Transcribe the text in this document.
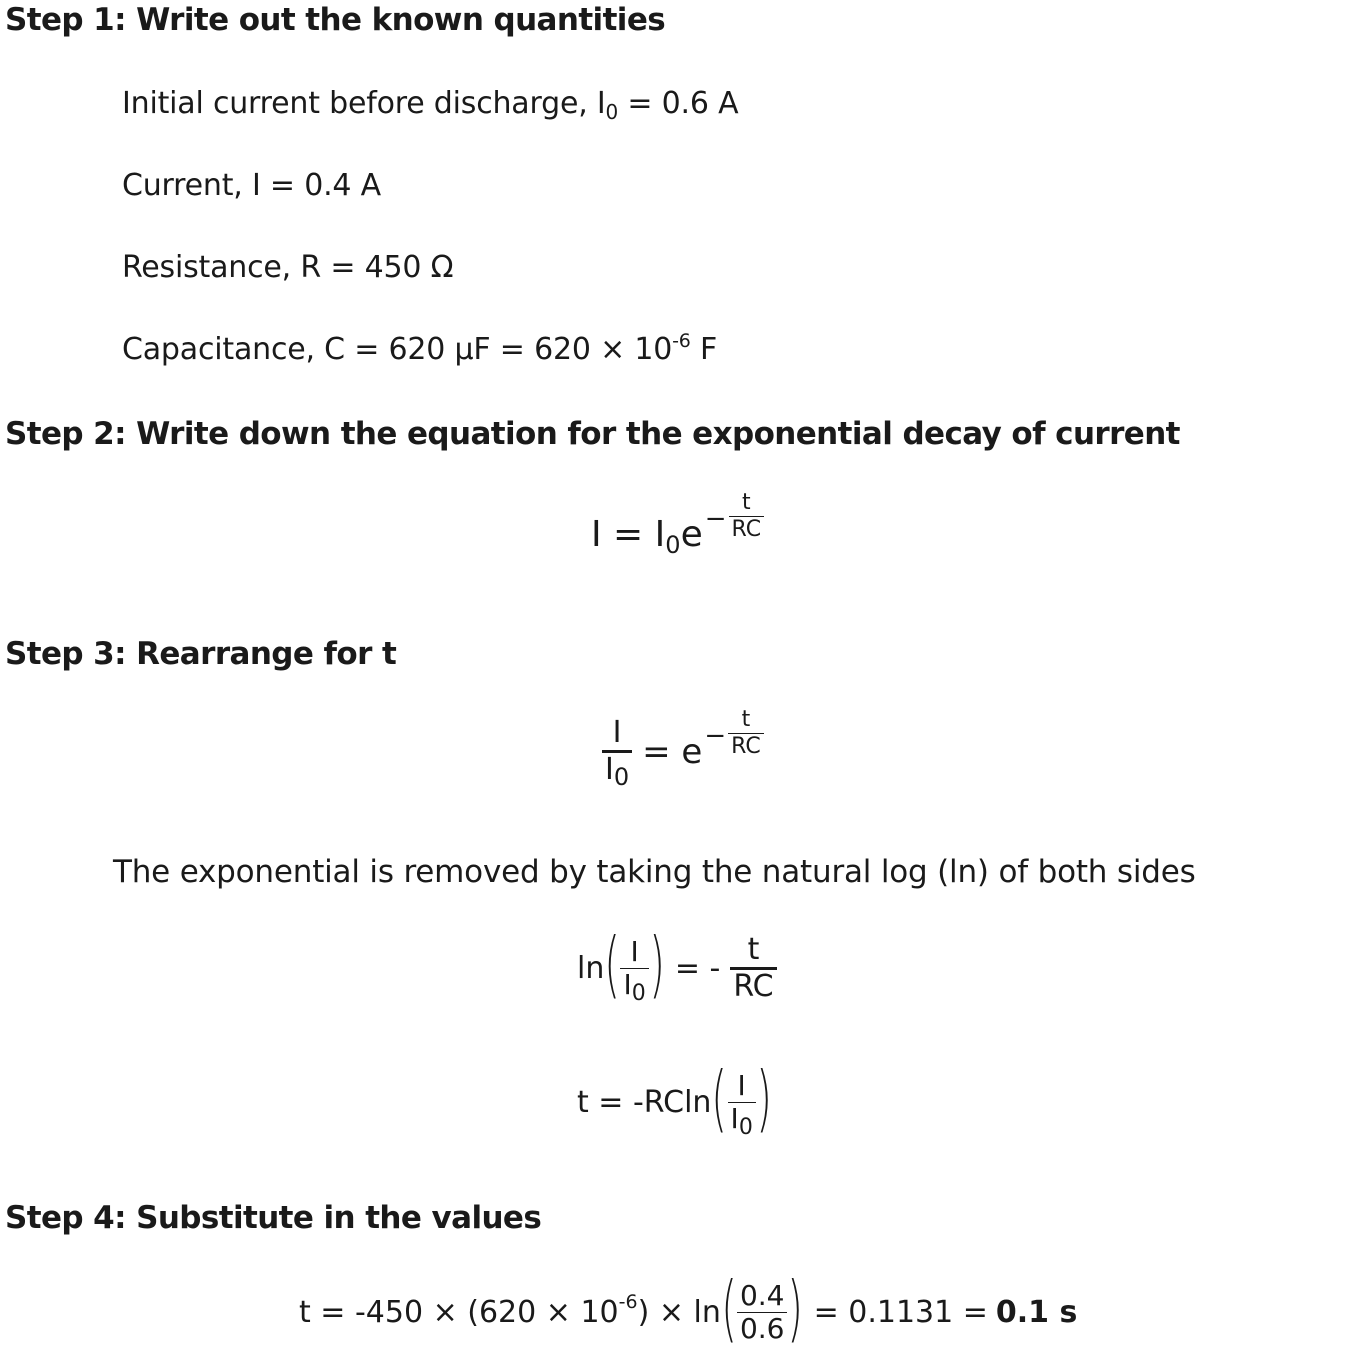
Step 1: Write out the known quantities
Initial current before discharge, $I_0 = 0.6$ A
Current, I = 0.4 A
Resistance, R = 450 Ω
Capacitance, C = 620 $\mu F = 620 \times 10^{-6}$ F
Step 2: Write down the equation for the exponential decay of current
I = I 0 $e - \frac{t}{RC}$
Step 3: Rearrange for t
$\frac{I}{I_0} = e - \frac{t}{RC}$
The exponential is removed by taking the natural log (ln) of both sides
ln ( $\frac{I}{I_0}$ ) = - $\frac{t}{RC}$
t = -RCln ( $\frac{I}{I_0}$ )
Step 4: Substitute in the values
t = -450 × (620 × 10 -6 ) × ln ( $\frac{0.4}{0.6}$ ) = 0.1131 = 0.1 s
